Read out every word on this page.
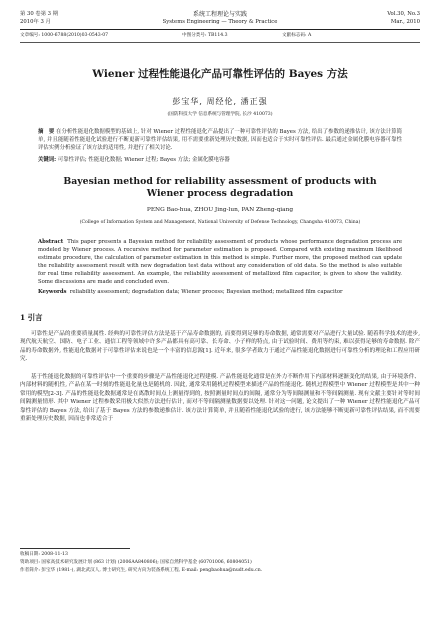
第 30 卷第 3 期
2010年 3 月
系统工程理论与实践
Systems Engineering — Theory & Practice
Vol.30, No.3
Mar., 2010
文章编号: 1000-6788(2010)03-0543-07	中图分类号: TB114.3	文献标志码: A
Wiener 过程性能退化产品可靠性评估的 Bayes 方法
彭宝华, 周经伦, 潘正强
(国防科技大学 信息系统与管理学院, 长沙 410073)
摘　要 在分析性能退化数据模型的基础上, 针对 Wiener 过程性能退化产品提出了一种可靠性评估的 Bayes 方法, 给出了参数的递推估计, 该方法计算简单, 并且能随着性能退化试验进行不断更新可靠性评估结果, 用不需要重新处理历史数据, 因而也适合于实时可靠性评估. 最后通过金属化膜电容器可靠性评估实例分析验证了该方法的适用性, 并进行了相关讨论.
关键词: 可靠性评估; 性能退化数据; Wiener 过程; Bayes 方法; 金属化膜电容器
Bayesian method for reliability assessment of products with
Wiener process degradation
PENG Bao-hua, ZHOU Jing-lun, PAN Zheng-qiang
(College of Information System and Management, National University of Defense Technology, Changsha 410073, China)
Abstract This paper presents a Bayesian method for reliability assessment of products whose performance degradation process are modeled by Wiener process. A recursive method for parameter estimation is proposed. Compared with existing maximum likelihood estimate procedure, the calculation of parameter estimation in this method is simple. Further more, the proposed method can update the reliability assessment result with new degradation test data without any consideration of old data. So the method is also suitable for real time reliability assessment. An example, the reliability assessment of metallized film capacitor, is given to show the validity. Some discussions are made and concluded even.
Keywords reliability assessment; degradation data; Wiener process; Bayesian method; metallized film capacitor
1 引言
可靠性是产品的重要质量属性. 经典的可靠性评估方法是基于产品寿命数据的, 而要得到足够的寿命数据, 通常需要对产品进行大量试验. 随着科学技术的进步, 现代航天航空、国防、电子工业、通信工程等领域中许多产品都具有高可靠、长寿命、小子样的特点, 由于试验时间、费用等约束, 难以获得足够的寿命数据. 除产品的寿命数据外, 性能退化数据对于可靠性评估来说也是一个丰富的信息源[1]. 近年来, 很多学者致力于通过产品性能退化数据进行可靠性分析的理论和工程应用研究.
基于性能退化数据的可靠性评估中一个重要的步骤是产品性能退化过程建模. 产品性能退化通常是在外力不断作用下内部材料逐渐变化的结果, 由于环境条件、内部材料的随机性, 产品在某一时刻的性能退化量也是随机的. 因此, 通常采用随机过程模型来描述产品的性能退化. 随机过程模型中 Wiener 过程模型是其中一种常用的模型[2-3]. 产品的性能退化数据通常是在离散时间点上测量得到的, 按照测量时间点的间隔, 通常分为等间隔测量和不等间隔测量. 现有文献主要针对等时间间隔测量情形. 其中 Wiener 过程参数采用极大似然方法进行估计, 而对不等间隔测量数据要以处理. 针对这一问题, 论文提出了一种 Wiener 过程性能退化产品可靠性评估的 Bayes 方法, 给出了基于 Bayes 方法的参数递推估计. 该方法计算简单, 并且随着性能退化试验的进行, 该方法能够不断更新可靠性评估结果, 而不需要重新处理历史数据, 因而也非常适合于
收稿日期: 2008-11-13
资助项目: 国家高技术研究发展计划 (863 计划) (2006AA840806); 国家自然科学基金 (60701006, 60804051)
作者简介: 彭宝华 (1981-), 湖北武汉人, 博士研究生, 研究方向为装备系统工程, E-mail: pengbaohua@nudt.edu.cn.
